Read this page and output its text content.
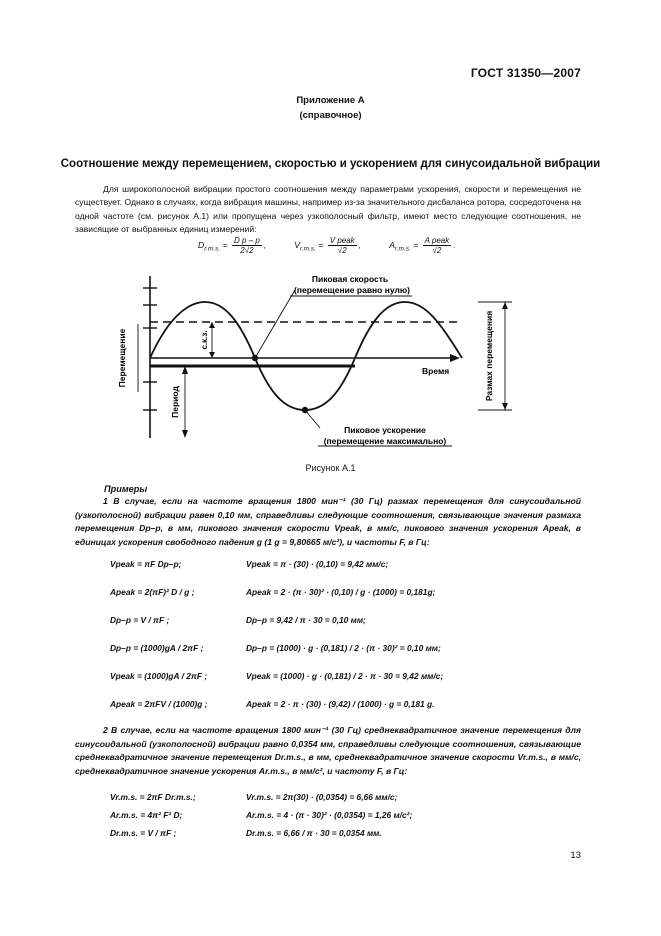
ГОСТ 31350—2007
Приложение А
(справочное)
Соотношение между перемещением, скоростью и ускорением для синусоидальной вибрации
Для широкополосной вибрации простого соотношения между параметрами ускорения, скорости и перемещения не существует. Однако в случаях, когда вибрация машины, например из-за значительного дисбаланса ротора, сосредоточена на одной частоте (см. рисунок А.1) или пропущена через узкополосный фильтр, имеют место следующие соотношения, не зависящие от выбранных единиц измерений:
$D_{r.m.s.} = \frac{\text{D p – p}}{2√2}$ ,	$V_{r.m.s.} = \frac{\text{V peak}}{√2}$ ,	$A_{r.m.s.} = \frac{\text{A peak}}{√2}$ .
Пиковая скорость
(перемещение равно нулю)
Пиковое ускорение
(перемещение максимально)
Время
Перемещение
Период
с.к.з.	Размах перемещения
Рисунок А.1
Примеры
1 В случае, если на частоте вращения 1800 мин⁻¹ (30 Гц) размах перемещения для синусоидальной (узкополосной) вибрации равен 0,10 мм, справедливы следующие соотношения, связывающие значения размаха перемещения Dp–p, в мм, пикового значения скорости Vpeak, в мм/с, пикового значения ускорения Apeak, в единицах ускорения свободного падения g (1 g = 9,80665 м/с²), и частоты F, в Гц:
Vpeak = πF Dp–p;	Vpeak = π · (30) · (0,10) = 9,42 мм/с;
Apeak = 2(πF)² D / g ;	Apeak = 2 · (π · 30)² · (0,10) / g · (1000) = 0,181g;
Dp–p = V / πF ;	Dp–p = 9,42 / π · 30 = 0,10 мм;
Dp–p = (1000)gA / 2πF ;	Dp–p = (1000) · g · (0,181) / 2 · (π · 30)² = 0,10 мм;
Vpeak = (1000)gA / 2πF ;	Vpeak = (1000) · g · (0,181) / 2 · π · 30 = 9,42 мм/с;
Apeak = 2πFV / (1000)g ;	Apeak = 2 · π · (30) · (9,42) / (1000) · g = 0,181 g.
2 В случае, если на частоте вращения 1800 мин⁻¹ (30 Гц) среднеквадратичное значение перемещения для синусоидальной (узкополосной) вибрации равно 0,0354 мм, справедливы следующие соотношения, связывающие среднеквадратичное значение перемещения Dr.m.s., в мм, среднеквадратичное значение скорости Vr.m.s., в мм/с, среднеквадратичное значение ускорения Ar.m.s., в мм/с², и частоту F, в Гц:
Vr.m.s. = 2πF Dr.m.s.;	Vr.m.s. = 2π(30) · (0,0354) = 6,66 мм/с;
Ar.m.s. = 4π² F² D;	Ar.m.s. = 4 · (π · 30)² · (0,0354) = 1,26 м/с²;
Dr.m.s. = V / πF ;	Dr.m.s. = 6,66 / π · 30 = 0,0354 мм.
13
